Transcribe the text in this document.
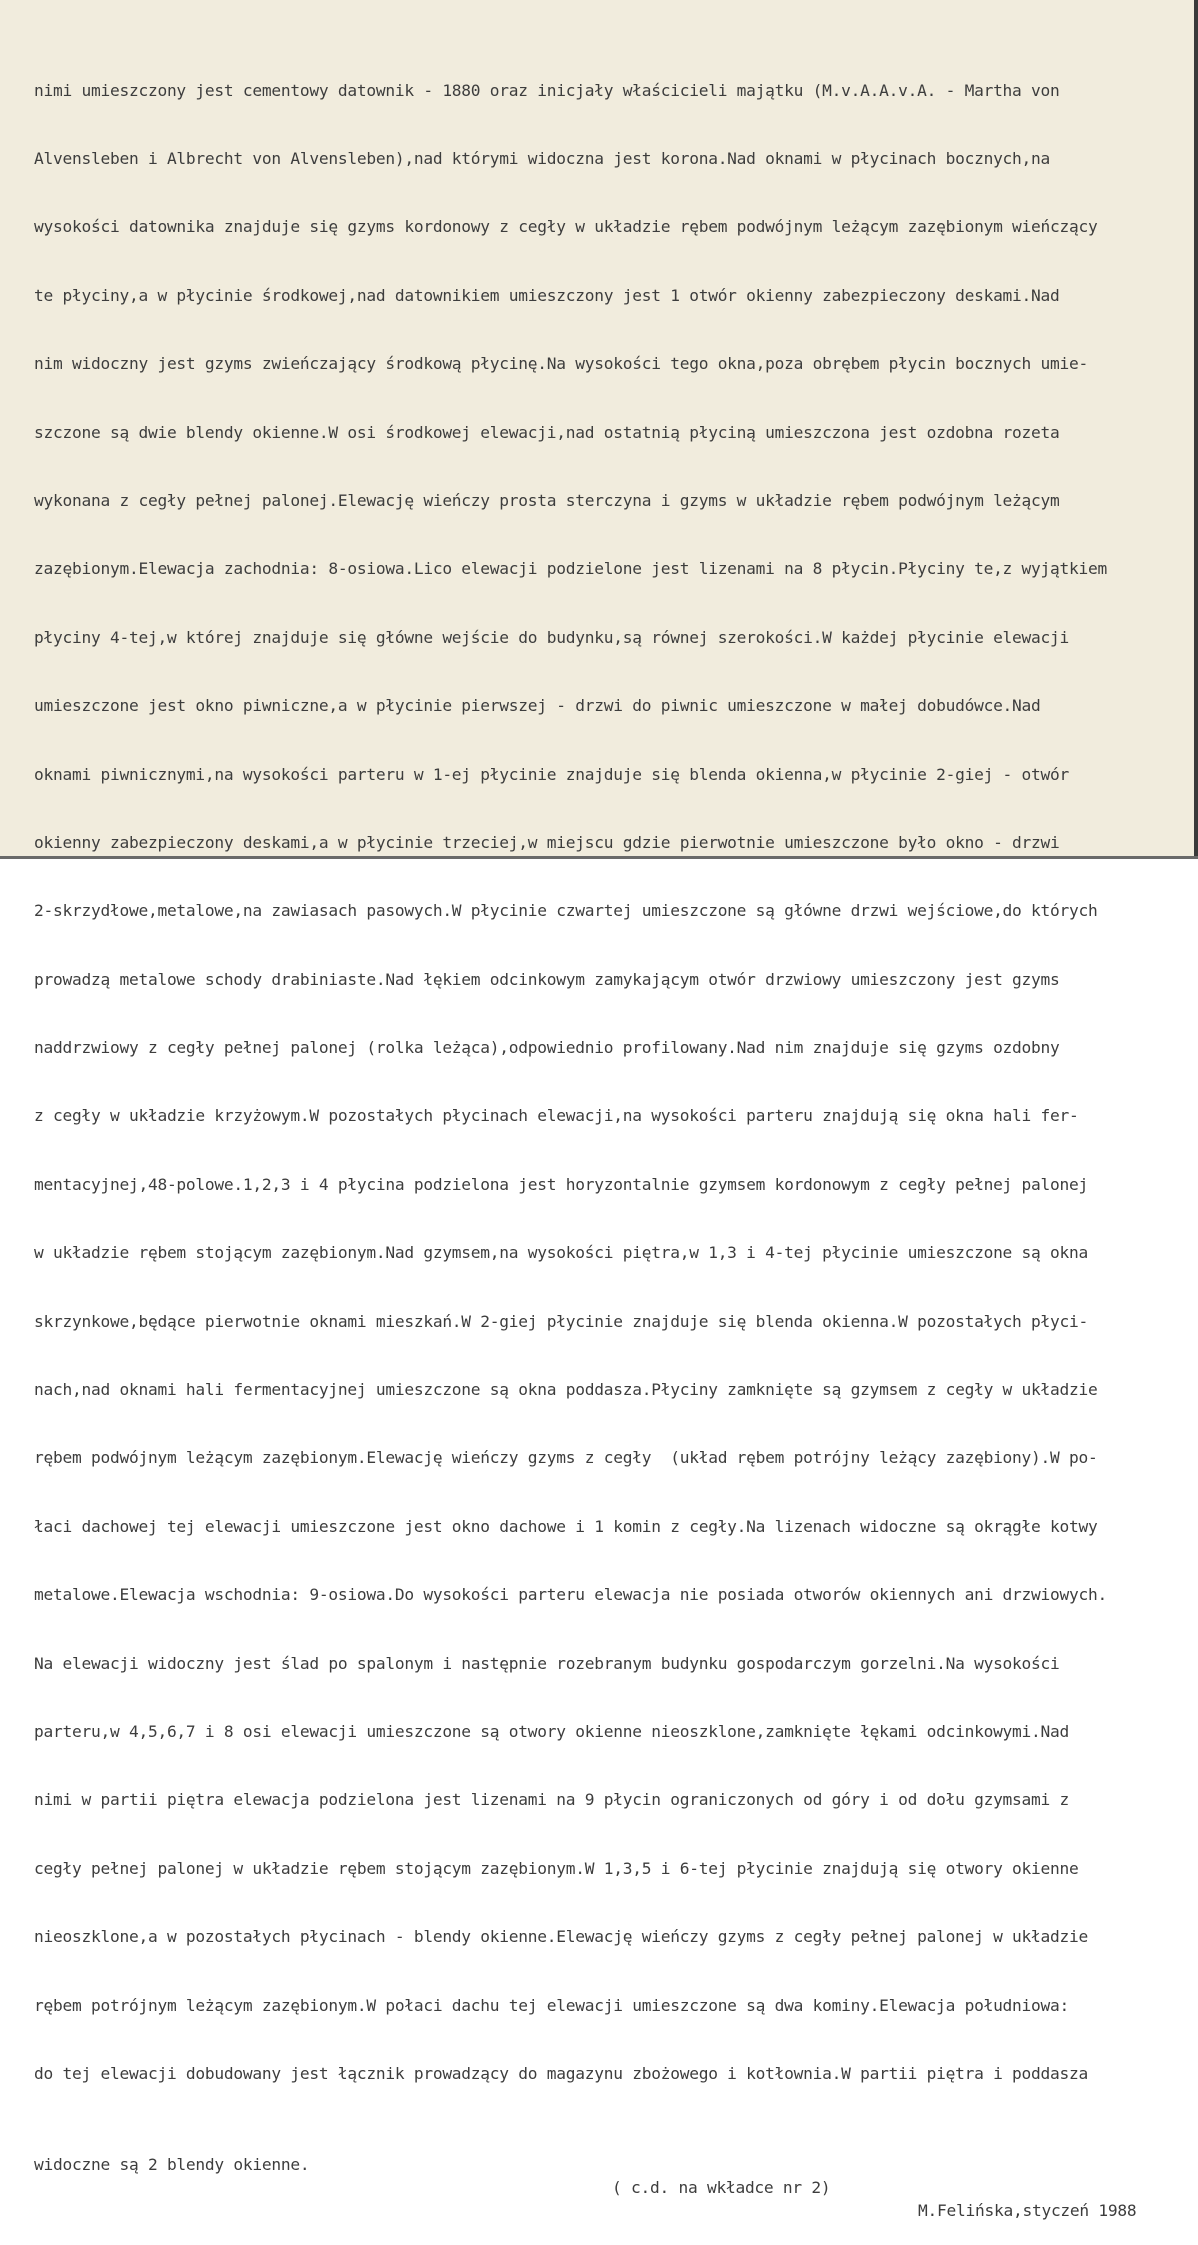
nimi umieszczony jest cementowy datownik - 1880 oraz inicjały właścicieli majątku (M.v.A.A.v.A. - Martha von

Alvensleben i Albrecht von Alvensleben),nad którymi widoczna jest korona.Nad oknami w płycinach bocznych,na

wysokości datownika znajduje się gzyms kordonowy z cegły w układzie rębem podwójnym leżącym zazębionym wieńczący

te płyciny,a w płycinie środkowej,nad datownikiem umieszczony jest 1 otwór okienny zabezpieczony deskami.Nad

nim widoczny jest gzyms zwieńczający środkową płycinę.Na wysokości tego okna,poza obrębem płycin bocznych umie-

szczone są dwie blendy okienne.W osi środkowej elewacji,nad ostatnią płyciną umieszczona jest ozdobna rozeta

wykonana z cegły pełnej palonej.Elewację wieńczy prosta sterczyna i gzyms w układzie rębem podwójnym leżącym

zazębionym.Elewacja zachodnia: 8-osiowa.Lico elewacji podzielone jest lizenami na 8 płycin.Płyciny te,z wyjątkiem

płyciny 4-tej,w której znajduje się główne wejście do budynku,są równej szerokości.W każdej płycinie elewacji

umieszczone jest okno piwniczne,a w płycinie pierwszej - drzwi do piwnic umieszczone w małej dobudówce.Nad

oknami piwnicznymi,na wysokości parteru w 1-ej płycinie znajduje się blenda okienna,w płycinie 2-giej - otwór

okienny zabezpieczony deskami,a w płycinie trzeciej,w miejscu gdzie pierwotnie umieszczone było okno - drzwi

2-skrzydłowe,metalowe,na zawiasach pasowych.W płycinie czwartej umieszczone są główne drzwi wejściowe,do których

prowadzą metalowe schody drabiniaste.Nad łękiem odcinkowym zamykającym otwór drzwiowy umieszczony jest gzyms

naddrzwiowy z cegły pełnej palonej (rolka leżąca),odpowiednio profilowany.Nad nim znajduje się gzyms ozdobny

z cegły w układzie krzyżowym.W pozostałych płycinach elewacji,na wysokości parteru znajdują się okna hali fer-

mentacyjnej,48-polowe.1,2,3 i 4 płycina podzielona jest horyzontalnie gzymsem kordonowym z cegły pełnej palonej

w układzie rębem stojącym zazębionym.Nad gzymsem,na wysokości piętra,w 1,3 i 4-tej płycinie umieszczone są okna

skrzynkowe,będące pierwotnie oknami mieszkań.W 2-giej płycinie znajduje się blenda okienna.W pozostałych płyci-

nach,nad oknami hali fermentacyjnej umieszczone są okna poddasza.Płyciny zamknięte są gzymsem z cegły w układzie

rębem podwójnym leżącym zazębionym.Elewację wieńczy gzyms z cegły  (układ rębem potrójny leżący zazębiony).W po-

łaci dachowej tej elewacji umieszczone jest okno dachowe i 1 komin z cegły.Na lizenach widoczne są okrągłe kotwy

metalowe.Elewacja wschodnia: 9-osiowa.Do wysokości parteru elewacja nie posiada otworów okiennych ani drzwiowych.

Na elewacji widoczny jest ślad po spalonym i następnie rozebranym budynku gospodarczym gorzelni.Na wysokości

parteru,w 4,5,6,7 i 8 osi elewacji umieszczone są otwory okienne nieoszklone,zamknięte łękami odcinkowymi.Nad

nimi w partii piętra elewacja podzielona jest lizenami na 9 płycin ograniczonych od góry i od dołu gzymsami z

cegły pełnej palonej w układzie rębem stojącym zazębionym.W 1,3,5 i 6-tej płycinie znajdują się otwory okienne

nieoszklone,a w pozostałych płycinach - blendy okienne.Elewację wieńczy gzyms z cegły pełnej palonej w układzie

rębem potrójnym leżącym zazębionym.W połaci dachu tej elewacji umieszczone są dwa kominy.Elewacja południowa:

do tej elewacji dobudowany jest łącznik prowadzący do magazynu zbożowego i kotłownia.W partii piętra i poddasza

widoczne są 2 blendy okienne.

( c.d. na wkładce nr 2)

M.Felińska,styczeń 1988
